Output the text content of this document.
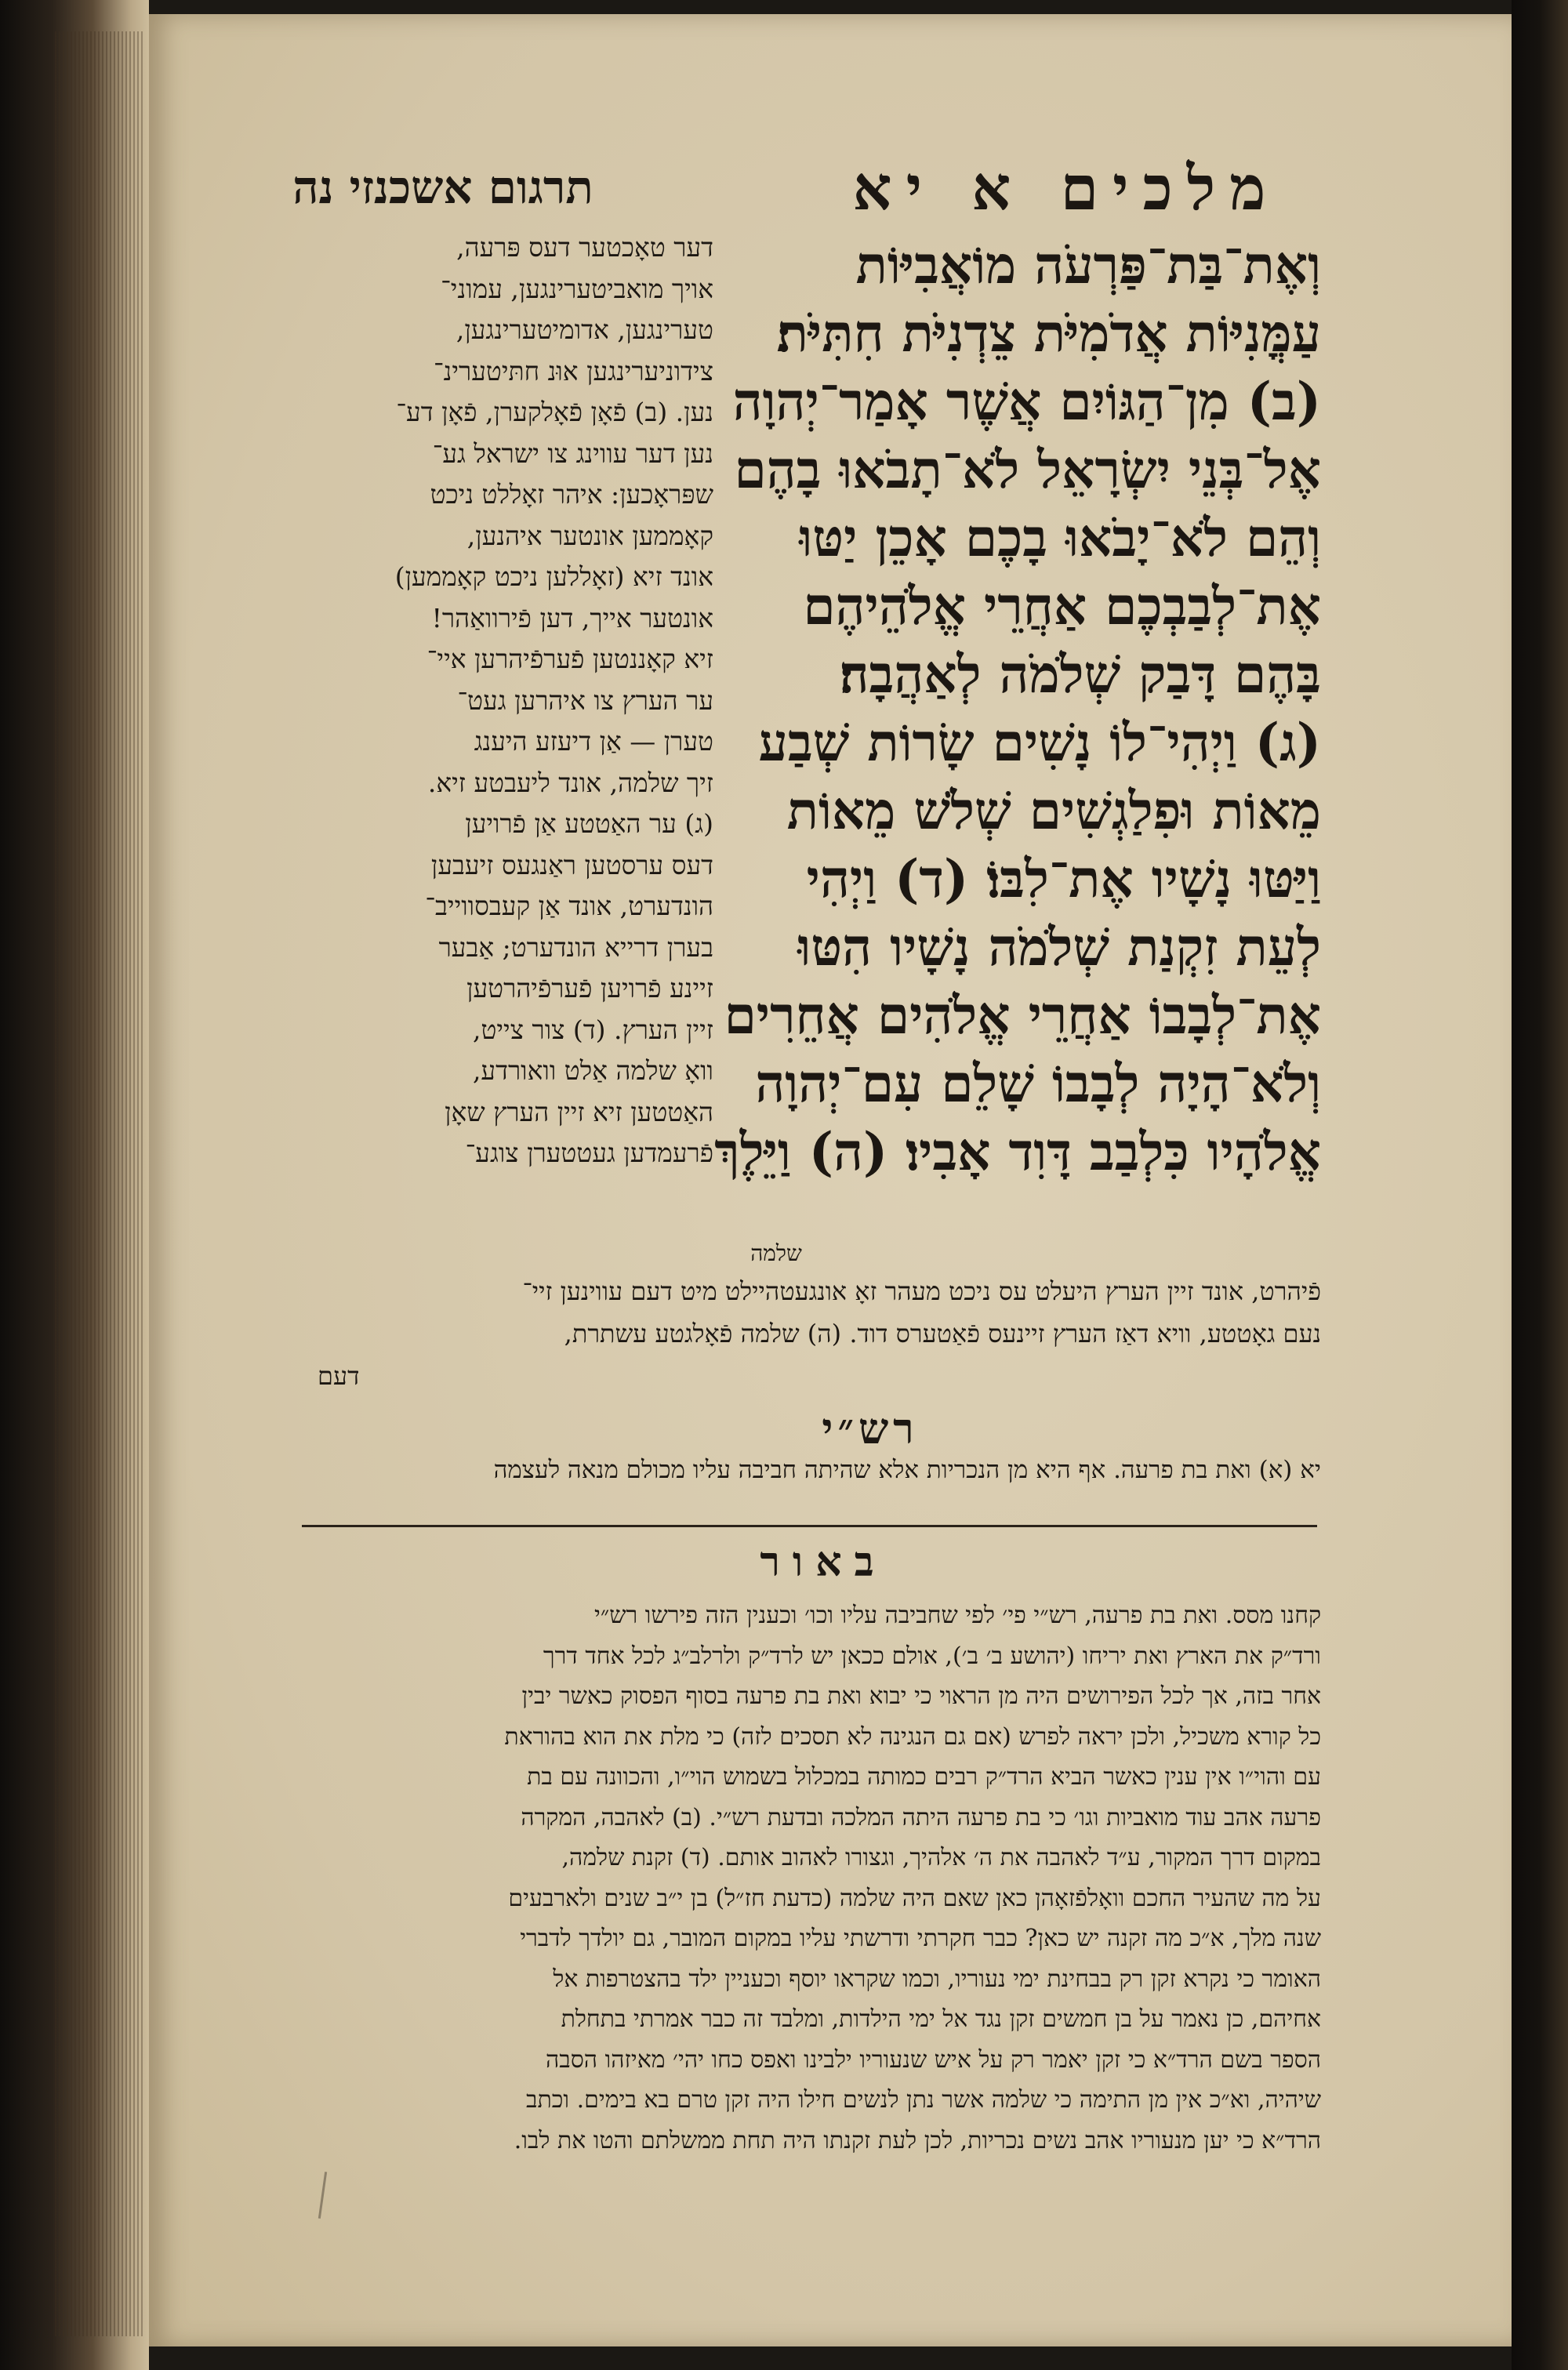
תרגום אשכנזי נה	מלכים א יא
דער טאָכטער דעס פּרעה,
אויך מואביטערינגען, עמוני־
טערינגען, אדומיטערינגען,
צידוניערינגען אוּנ חתּיטערינ־
נען. (ב) פֿאָן פֿאָלקערן, פֿאָן דע־
נען דער עווינג צו ישראל גע־
שפּראָכען: איהר זאָללט ניכט
קאָממען אונטער איהנען,
אונד זיא (זאָללען ניכט קאָממען)
אונטער אייך, דען פֿירוואַהר!
זיא קאָננטען פֿערפֿיהרען איי־
ער הערץ צו איהרען געט־
טערן — אַן דיעזע היענג
זיך שלמה, אונד ליעבטע זיא.
(ג) ער האַטטע אַן פֿרויען
דעס ערסטען ראַנגעס זיעבען
הונדערט, אונד אַן קעבסווייב־
בערן דרייא הונדערט; אַבער
זיינע פֿרויען פֿערפֿיהרטען
זיין הערץ. (ד) צור צייט,
וואָ שלמה אַלט וואורדע,
האַטטען זיא זיין הערץ שאָן
פֿרעמדען געטטערן צוגע־
וְאֶת־בַּת־פַּרְעֹה מוֹאֲבִיּוֹת
עַמֳּנִיּוֹת אֲדֹמִיֹּת צֵדְנִיֹּת חִתִּיֹּת׃
(ב) מִן־הַגּוֹיִם אֲשֶׁר אָמַר־יְהוָה
אֶל־בְּנֵי יִשְׂרָאֵל לֹא־תָבֹאוּ בָהֶם
וְהֵם לֹא־יָבֹאוּ בָכֶם אָכֵן יַטּוּ
אֶת־לְבַבְכֶם אַחֲרֵי אֱלֹהֵיהֶם
בָּהֶם דָּבַק שְׁלֹמֹה לְאַהֲבָה׃
(ג) וַיְהִי־לוֹ נָשִׁים שָׂרוֹת שְׁבַע
מֵאוֹת וּפִלַגְשִׁים שְׁלֹשׁ מֵאוֹת
וַיַּטּוּ נָשָׁיו אֶת־לִבּוֹ׃ (ד) וַיְהִי
לְעֵת זִקְנַת שְׁלֹמֹה נָשָׁיו הִטּוּ
אֶת־לְבָבוֹ אַחֲרֵי אֱלֹהִים אֲחֵרִים
וְלֹא־הָיָה לְבָבוֹ שָׁלֵם עִם־יְהוָה
אֱלֹהָיו כִּלְבַב דָּוִד אָבִיו׃ (ה) וַיֵּלֶךְ
שלמה
פֿיהרט, אונד זיין הערץ היעלט עס ניכט מעהר זאָ אונגעטהיילט מיט דעם עווינען זיי־
נעם גאָטטע, וויא דאַז הערץ זיינעס פֿאַטערס דוד. (ה) שלמה פֿאָלגטע עשתרת,
דעם
רש״י
יא (א) ואת בת פרעה. אף היא מן הנכריות אלא שהיתה חביבה עליו מכולם מנאה לעצמה
באור
קחנו מסס. ואת בת פרעה, רש״י פי׳ לפי שחביבה עליו וכו׳ וכענין הזה פירשו רש״י
ורד״ק את הארץ ואת יריחו (יהושע ב׳ ב׳), אולם ככאן יש לרד״ק ולרלב״ג לכל אחד דרך
אחר בזה, אך לכל הפירושים היה מן הראוי כי יבוא ואת בת פרעה בסוף הפסוק כאשר יבין
כל קורא משכיל, ולכן יראה לפרש (אם גם הנגינה לא תסכים לזה) כי מלת את הוא בהוראת
עם והוי״ו אין ענין כאשר הביא הרד״ק רבים כמותה במכלול בשמוש הוי״ו, והכוונה עם בת
פרעה אהב עוד מואביות וגו׳ כי בת פרעה היתה המלכה ובדעת רש״י. (ב) לאהבה, המקרה
במקום דרך המקור, ע״ד לאהבה את ה׳ אלהיך, וגצורו לאהוב אותם. (ד) זקנת שלמה,
על מה שהעיר החכם וואָלפֿזאָהן כאן שאם היה שלמה (כדעת חז״ל) בן י״ב שנים ולארבעים
שנה מלך, א״כ מה זקנה יש כאן? כבר חקרתי ודרשתי עליו במקום המובר, גם יולדך לדברי
האומר כי נקרא זקן רק בבחינת ימי נעוריו, וכמו שקראו יוסף וכעניין ילד בהצטרפות אל
אחיהם, כן נאמר על בן חמשים זקן נגד אל ימי הילדות, ומלבד זה כבר אמרתי בתחלת
הספר בשם הרד״א כי זקן יאמר רק על איש שנעוריו ילבינו ואפס כחו יהי׳ מאיזהו הסבה
שיהיה, וא״כ אין מן התימה כי שלמה אשר נתן לנשים חילו היה זקן טרם בא בימים. וכתב
הרד״א כי יען מנעוריו אהב נשים נכריות, לכן לעת זקנתו היה תחת ממשלתם והטו את לבו.
